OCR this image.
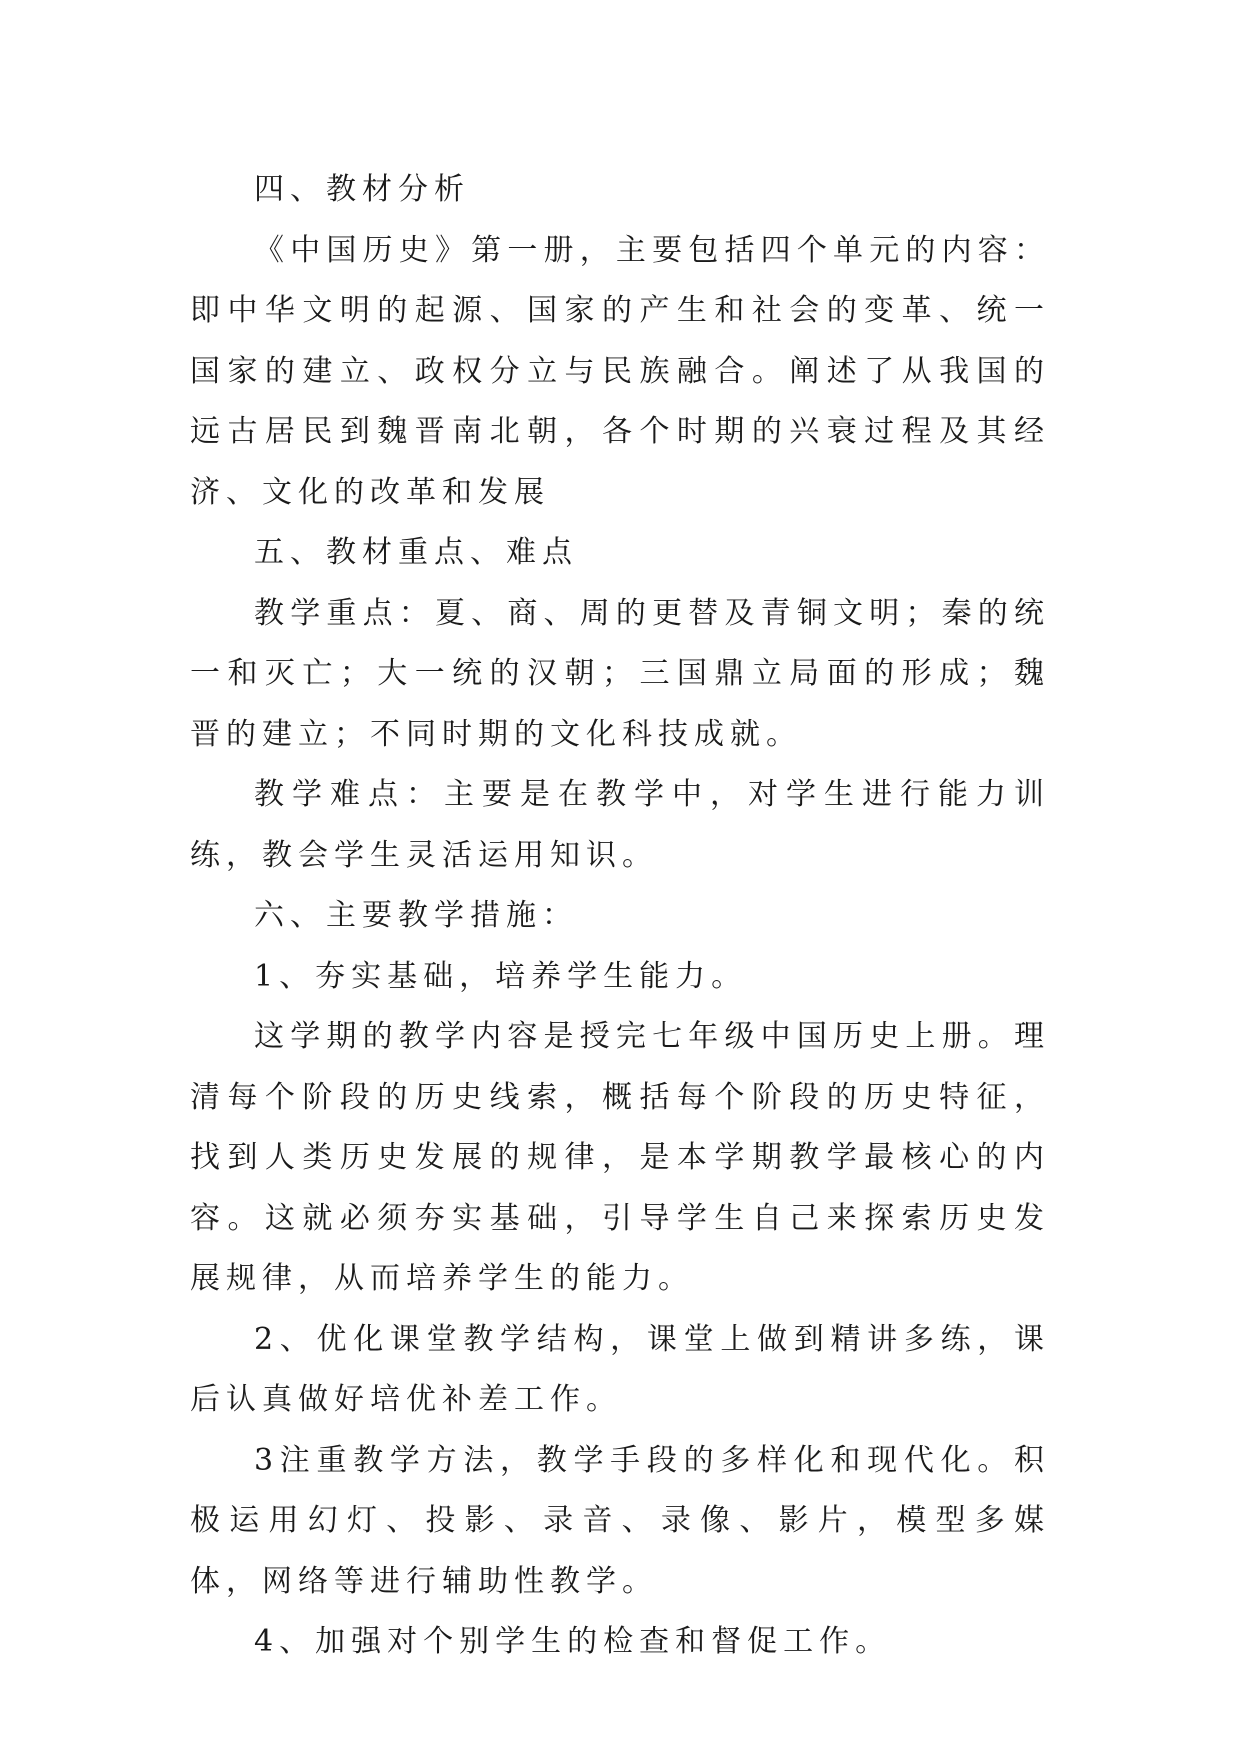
四、教材分析

《中国历史》第一册，主要包括四个单元的内容：即中华文明的起源、国家的产生和社会的变革、统一国家的建立、政权分立与民族融合。阐述了从我国的远古居民到魏晋南北朝，各个时期的兴衰过程及其经济、文化的改革和发展

五、教材重点、难点

教学重点：夏、商、周的更替及青铜文明；秦的统一和灭亡；大一统的汉朝；三国鼎立局面的形成；魏晋的建立；不同时期的文化科技成就。

教学难点：主要是在教学中，对学生进行能力训练，教会学生灵活运用知识。

六、主要教学措施：

1、夯实基础，培养学生能力。

这学期的教学内容是授完七年级中国历史上册。理清每个阶段的历史线索，概括每个阶段的历史特征，找到人类历史发展的规律，是本学期教学最核心的内容。这就必须夯实基础，引导学生自己来探索历史发展规律，从而培养学生的能力。

2、优化课堂教学结构，课堂上做到精讲多练，课后认真做好培优补差工作。

3注重教学方法，教学手段的多样化和现代化。积极运用幻灯、投影、录音、录像、影片，模型多媒体，网络等进行辅助性教学。

4、加强对个别学生的检查和督促工作。
